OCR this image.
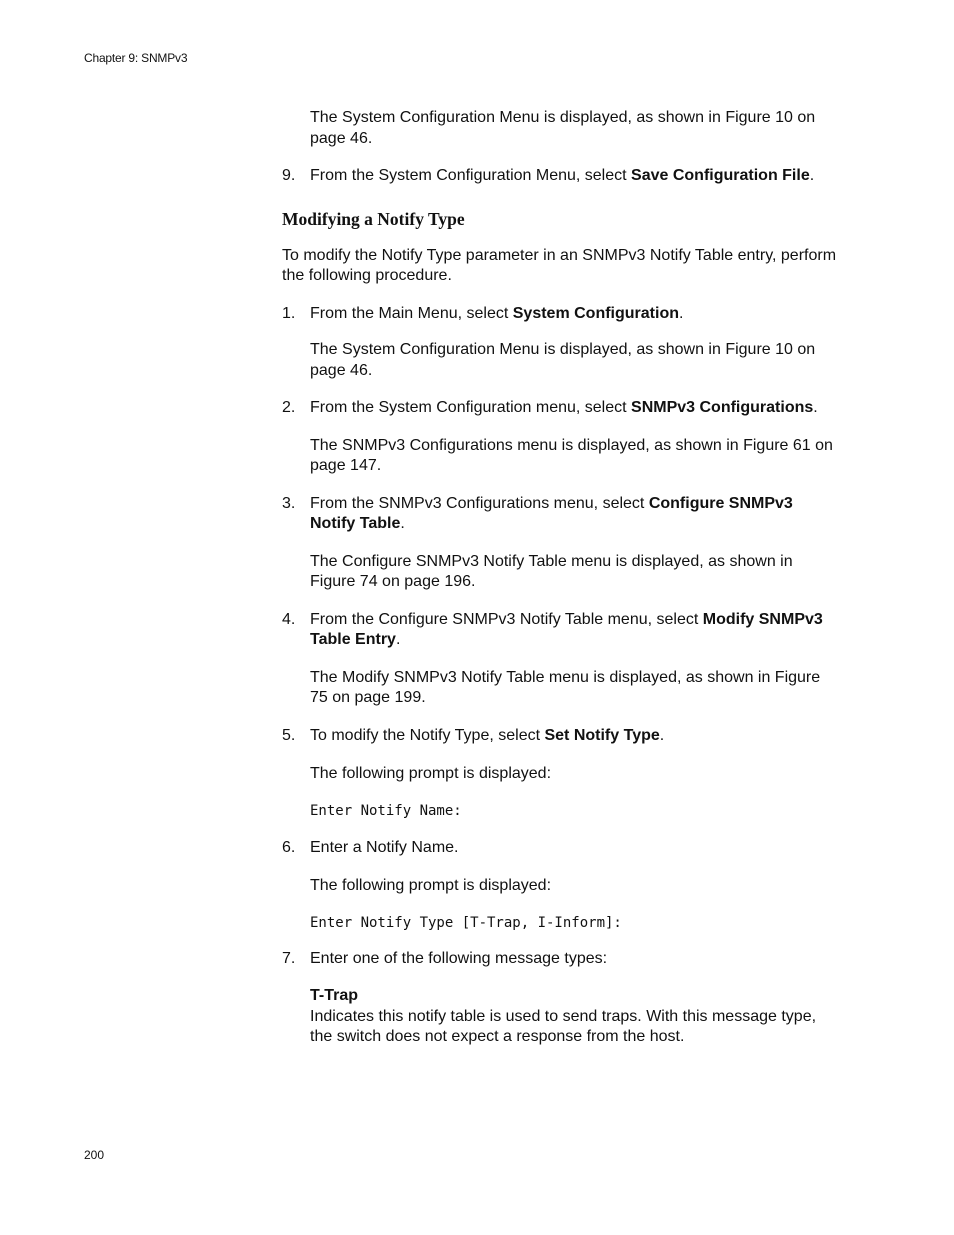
Chapter 9: SNMPv3

The System Configuration Menu is displayed, as shown in Figure 10 on page 46.

9. From the System Configuration Menu, select Save Configuration File.

Modifying a Notify Type

To modify the Notify Type parameter in an SNMPv3 Notify Table entry, perform the following procedure.

1. From the Main Menu, select System Configuration.

The System Configuration Menu is displayed, as shown in Figure 10 on page 46.

2. From the System Configuration menu, select SNMPv3 Configurations.

The SNMPv3 Configurations menu is displayed, as shown in Figure 61 on page 147.

3. From the SNMPv3 Configurations menu, select Configure SNMPv3 Notify Table.

The Configure SNMPv3 Notify Table menu is displayed, as shown in Figure 74 on page 196.

4. From the Configure SNMPv3 Notify Table menu, select Modify SNMPv3 Table Entry.

The Modify SNMPv3 Notify Table menu is displayed, as shown in Figure 75 on page 199.

5. To modify the Notify Type, select Set Notify Type.

The following prompt is displayed:

Enter Notify Name:

6. Enter a Notify Name.

The following prompt is displayed:

Enter Notify Type [T-Trap, I-Inform]:

7. Enter one of the following message types:

T-Trap

Indicates this notify table is used to send traps. With this message type, the switch does not expect a response from the host.

200
